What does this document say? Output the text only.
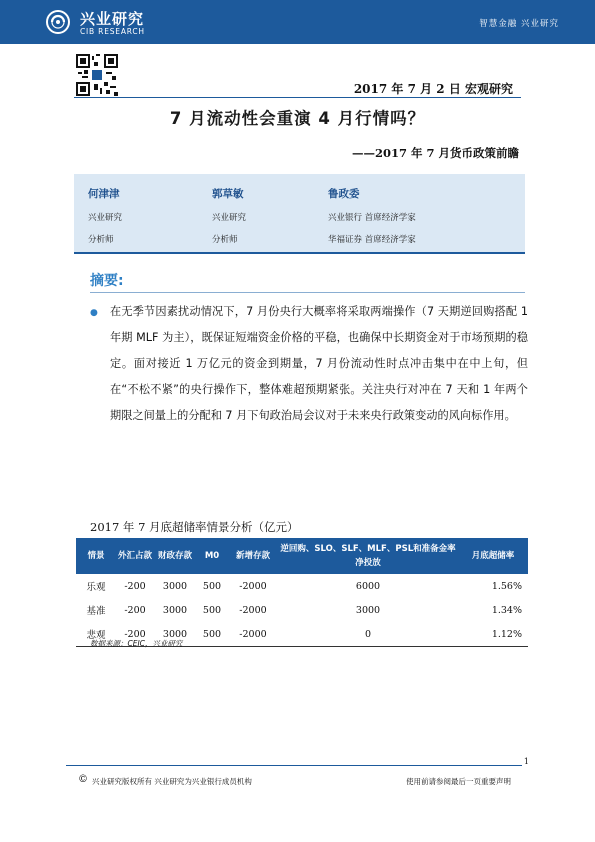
兴业研究
CIB RESEARCH
智慧金融 兴业研究
2017 年 7 月 2 日 宏观研究
7 月流动性会重演 4 月行情吗？
——2017 年 7 月货币政策前瞻
何津津
兴业研究
分析师
郭草敏
兴业研究
分析师
鲁政委
兴业银行 首席经济学家
华福证券 首席经济学家
摘要:
● 在无季节因素扰动情况下，7 月份央行大概率将采取两端操作（7 天期逆回购搭配 1 年期 MLF 为主），既保证短端资金价格的平稳，也确保中长期资金对于市场预期的稳定。面对接近 1 万亿元的资金到期量，7 月份流动性时点冲击集中在中上旬，但在“不松不紧”的央行操作下，整体难超预期紧张。关注央行对冲在 7 天和 1 年两个期限之间量上的分配和 7 月下旬政治局会议对于未来央行政策变动的风向标作用。
2017 年 7 月底超储率情景分析（亿元）
情景	外汇占款	财政存款	M0	新增存款	逆回购、SLO、SLF、MLF、PSL和准备金率净投放	月底超储率
乐观	-200	3000	500	-2000	6000	1.56%
基准	-200	3000	500	-2000	3000	1.34%
悲观	-200	3000	500	-2000	0	1.12%
数据来源：CEIC，兴业研究
1
© 兴业研究版权所有 兴业研究为兴业银行成员机构	使用前请参阅最后一页重要声明
